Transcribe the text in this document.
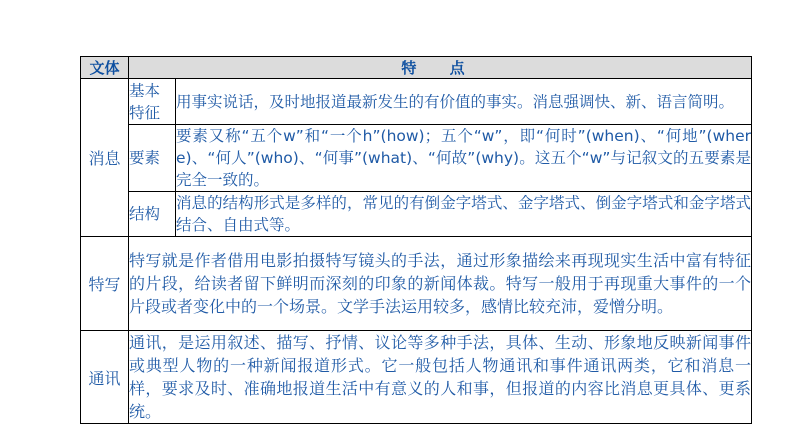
文体	特 点	
消息	基本特征	用事实说话，及时地报道最新发生的有价值的事实。消息强调快、新、语言简明。
	要素	要素又称“五个w”和“一个h”(how)；五个“w”，即“何时”(when)、“何地”(where)、“何人”(who)、“何事”(what)、“何故”(why)。这五个“w”与记叙文的五要素是完全一致的。
	结构	消息的结构形式是多样的，常见的有倒金字塔式、金字塔式、倒金字塔式和金字塔式结合、自由式等。
特写	特写就是作者借用电影拍摄特写镜头的手法，通过形象描绘来再现现实生活中富有特征的片段，给读者留下鲜明而深刻的印象的新闻体裁。特写一般用于再现重大事件的一个片段或者变化中的一个场景。文学手法运用较多，感情比较充沛，爱憎分明。	
通讯	通讯，是运用叙述、描写、抒情、议论等多种手法，具体、生动、形象地反映新闻事件或典型人物的一种新闻报道形式。它一般包括人物通讯和事件通讯两类，它和消息一样，要求及时、准确地报道生活中有意义的人和事，但报道的内容比消息更具体、更系统。	
